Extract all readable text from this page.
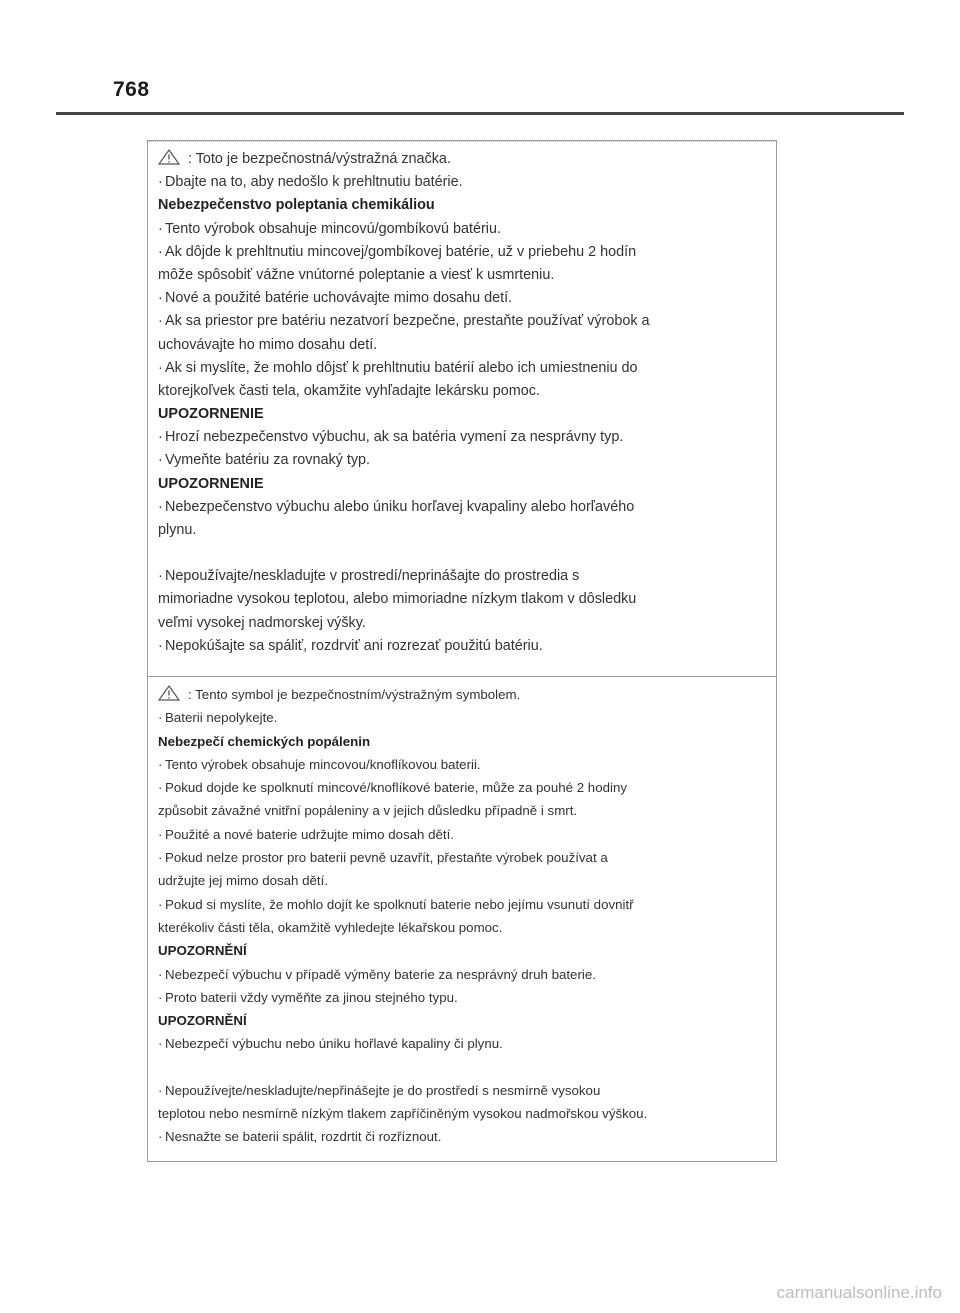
768
: Toto je bezpečnostná/výstražná značka.
· Dbajte na to, aby nedošlo k prehltnutiu batérie.
Nebezpečenstvo poleptania chemikáliou
· Tento výrobok obsahuje mincovú/gombíkovú batériu.
· Ak dôjde k prehltnutiu mincovej/gombíkovej batérie, už v priebehu 2 hodín
môže spôsobiť vážne vnútorné poleptanie a viesť k usmrteniu.
· Nové a použité batérie uchovávajte mimo dosahu detí.
· Ak sa priestor pre batériu nezatvorí bezpečne, prestaňte používať výrobok a
uchovávajte ho mimo dosahu detí.
· Ak si myslíte, že mohlo dôjsť k prehltnutiu batérií alebo ich umiestneniu do
ktorejkoľvek časti tela, okamžite vyhľadajte lekársku pomoc.
UPOZORNENIE
· Hrozí nebezpečenstvo výbuchu, ak sa batéria vymení za nesprávny typ.
· Vymeňte batériu za rovnaký typ.
UPOZORNENIE
· Nebezpečenstvo výbuchu alebo úniku horľavej kvapaliny alebo horľavého
plynu.
· Nepoužívajte/neskladujte v prostredí/neprinášajte do prostredia s
mimoriadne vysokou teplotou, alebo mimoriadne nízkym tlakom v dôsledku
veľmi vysokej nadmorskej výšky.
· Nepokúšajte sa spáliť, rozdrviť ani rozrezať použitú batériu.
: Tento symbol je bezpečnostním/výstražným symbolem.
· Baterii nepolykejte.
Nebezpečí chemických popálenin
· Tento výrobek obsahuje mincovou/knoflíkovou baterii.
· Pokud dojde ke spolknutí mincové/knoflíkové baterie, může za pouhé 2 hodiny
způsobit závažné vnitřní popáleniny a v jejich důsledku případně i smrt.
· Použité a nové baterie udržujte mimo dosah dětí.
· Pokud nelze prostor pro baterii pevně uzavřít, přestaňte výrobek používat a
udržujte jej mimo dosah dětí.
· Pokud si myslíte, že mohlo dojít ke spolknutí baterie nebo jejímu vsunutí dovnitř
kterékoliv části těla, okamžitě vyhledejte lékařskou pomoc.
UPOZORNĚNÍ
· Nebezpečí výbuchu v případě výměny baterie za nesprávný druh baterie.
· Proto baterii vždy vyměňte za jinou stejného typu.
UPOZORNĚNÍ
· Nebezpečí výbuchu nebo úniku hořlavé kapaliny či plynu.
· Nepoužívejte/neskladujte/nepřinášejte je do prostředí s nesmírně vysokou
teplotou nebo nesmírně nízkým tlakem zapříčiněným vysokou nadmořskou výškou.
· Nesnažte se baterii spálit, rozdrtit či rozříznout.
carmanualsonline.info
